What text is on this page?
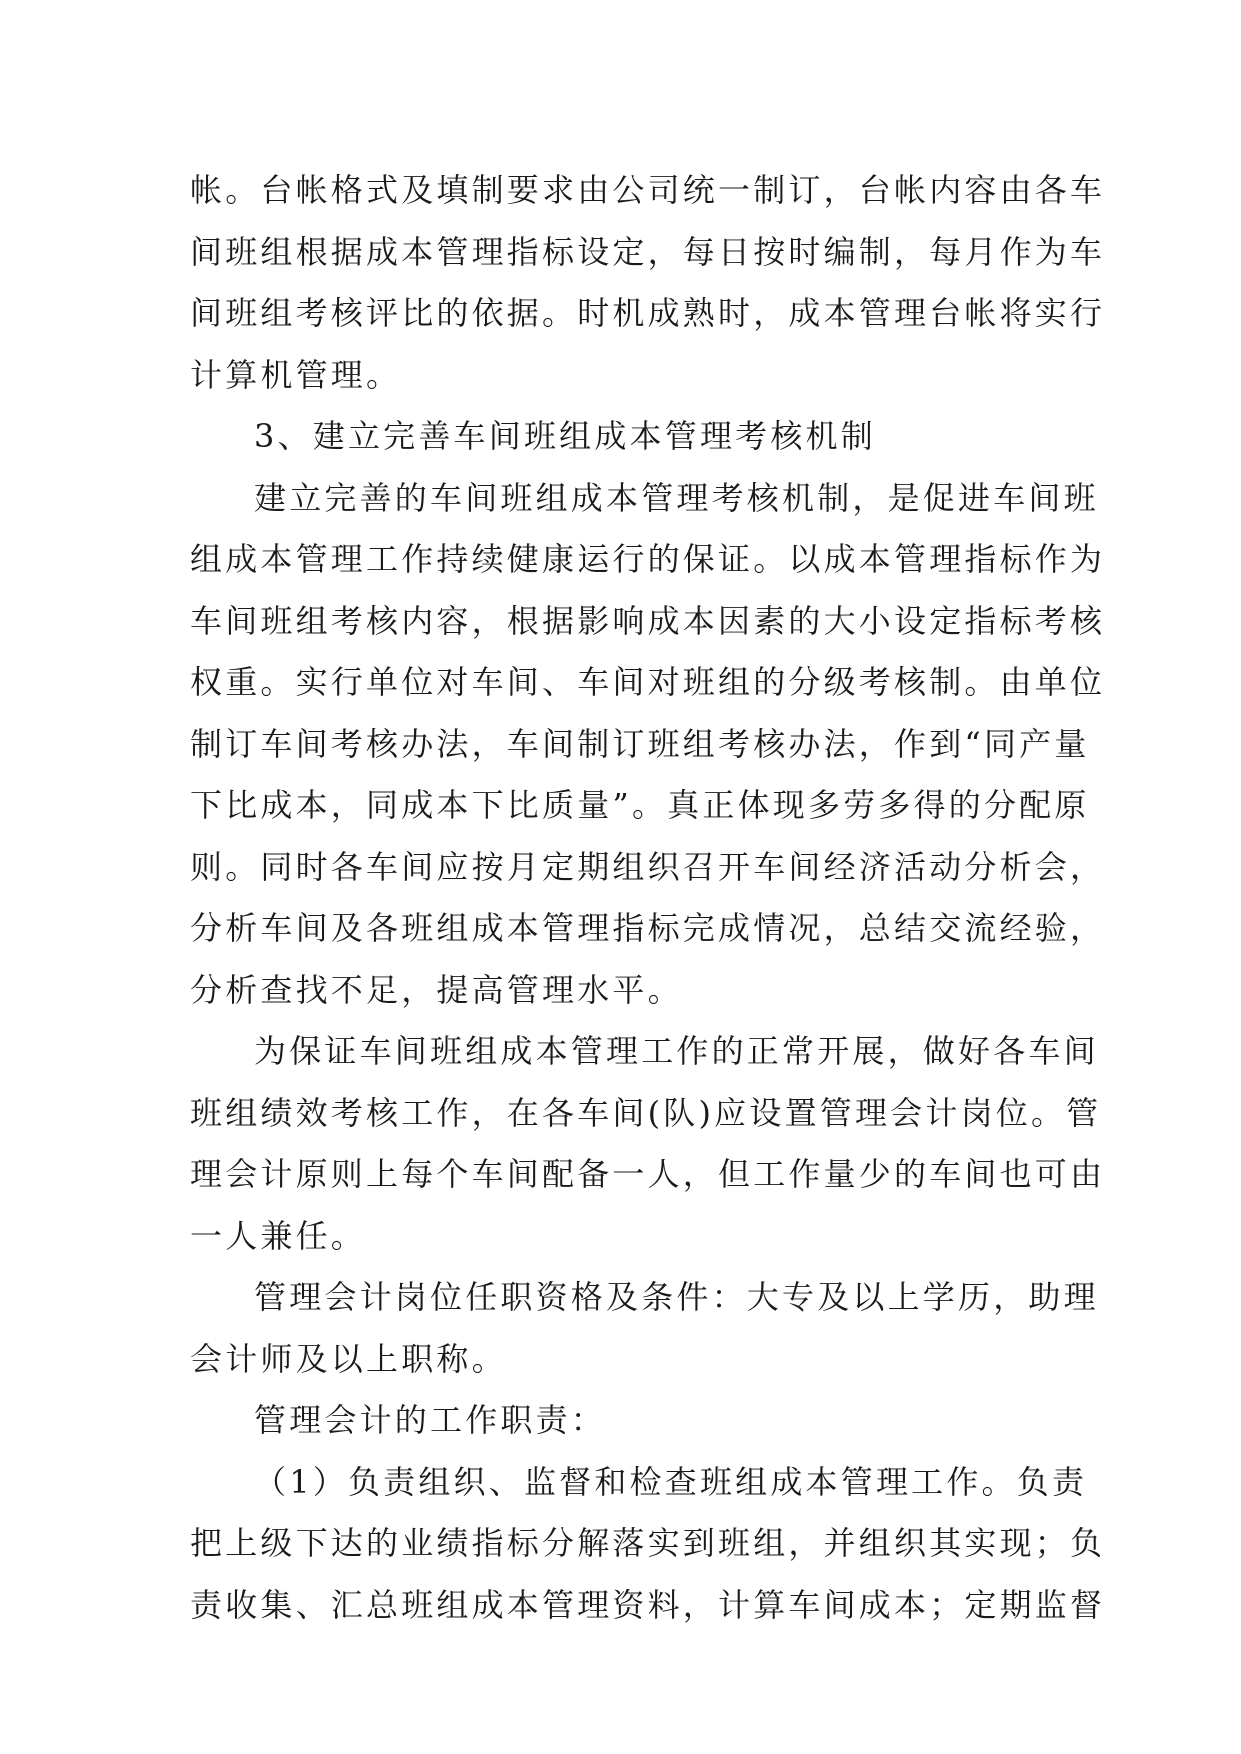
帐。台帐格式及填制要求由公司统一制订，台帐内容由各车
间班组根据成本管理指标设定，每日按时编制，每月作为车
间班组考核评比的依据。时机成熟时，成本管理台帐将实行
计算机管理。
3、建立完善车间班组成本管理考核机制
建立完善的车间班组成本管理考核机制，是促进车间班
组成本管理工作持续健康运行的保证。以成本管理指标作为
车间班组考核内容，根据影响成本因素的大小设定指标考核
权重。实行单位对车间、车间对班组的分级考核制。由单位
制订车间考核办法，车间制订班组考核办法，作到“同产量
下比成本，同成本下比质量”。真正体现多劳多得的分配原
则。同时各车间应按月定期组织召开车间经济活动分析会，
分析车间及各班组成本管理指标完成情况，总结交流经验，
分析查找不足，提高管理水平。
为保证车间班组成本管理工作的正常开展，做好各车间
班组绩效考核工作，在各车间(队)应设置管理会计岗位。管
理会计原则上每个车间配备一人，但工作量少的车间也可由
一人兼任。
管理会计岗位任职资格及条件：大专及以上学历，助理
会计师及以上职称。
管理会计的工作职责：
（1）负责组织、监督和检查班组成本管理工作。负责
把上级下达的业绩指标分解落实到班组，并组织其实现；负
责收集、汇总班组成本管理资料，计算车间成本；定期监督
